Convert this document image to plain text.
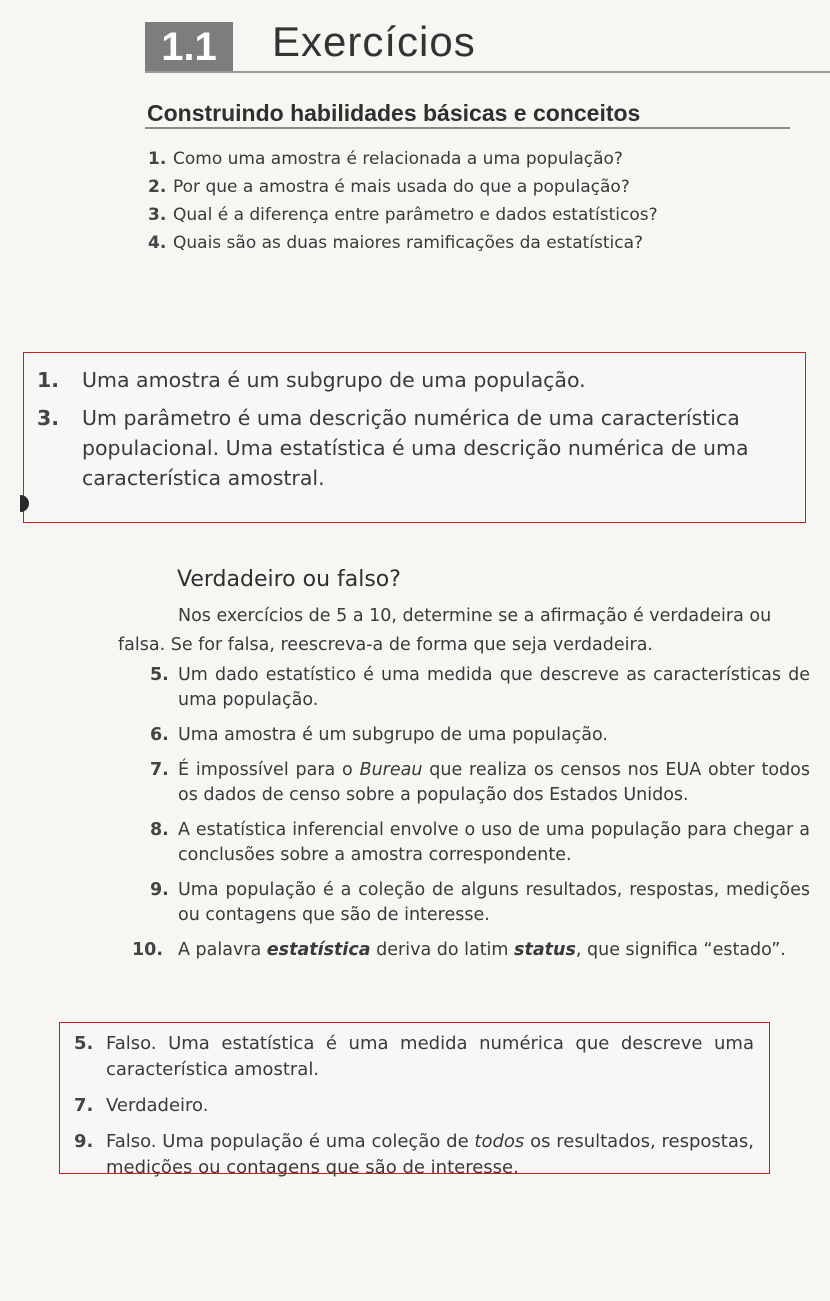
1.1	Exercícios
Construindo habilidades básicas e conceitos
1. Como uma amostra é relacionada a uma população?
2. Por que a amostra é mais usada do que a população?
3. Qual é a diferença entre parâmetro e dados estatísticos?
4. Quais são as duas maiores ramificações da estatística?
1.	Uma amostra é um subgrupo de uma população.
3.	Um parâmetro é uma descrição numérica de uma característica populacional. Uma estatística é uma descrição numérica de uma característica amostral.
Verdadeiro ou falso?
Nos exercícios de 5 a 10, determine se a afirmação é verdadeira ou falsa. Se for falsa, reescreva-a de forma que seja verdadeira.
5. Um dado estatístico é uma medida que descreve as características de uma população.
6. Uma amostra é um subgrupo de uma população.
7. É impossível para o Bureau que realiza os censos nos EUA obter todos os dados de censo sobre a população dos Estados Unidos.
8. A estatística inferencial envolve o uso de uma população para chegar a conclusões sobre a amostra correspondente.
9. Uma população é a coleção de alguns resultados, respostas, medições ou contagens que são de interesse.
10. A palavra estatística deriva do latim status, que significa “estado”.
5. Falso. Uma estatística é uma medida numérica que descreve uma característica amostral.
7. Verdadeiro.
9. Falso. Uma população é uma coleção de todos os resultados, respostas, medições ou contagens que são de interesse.
